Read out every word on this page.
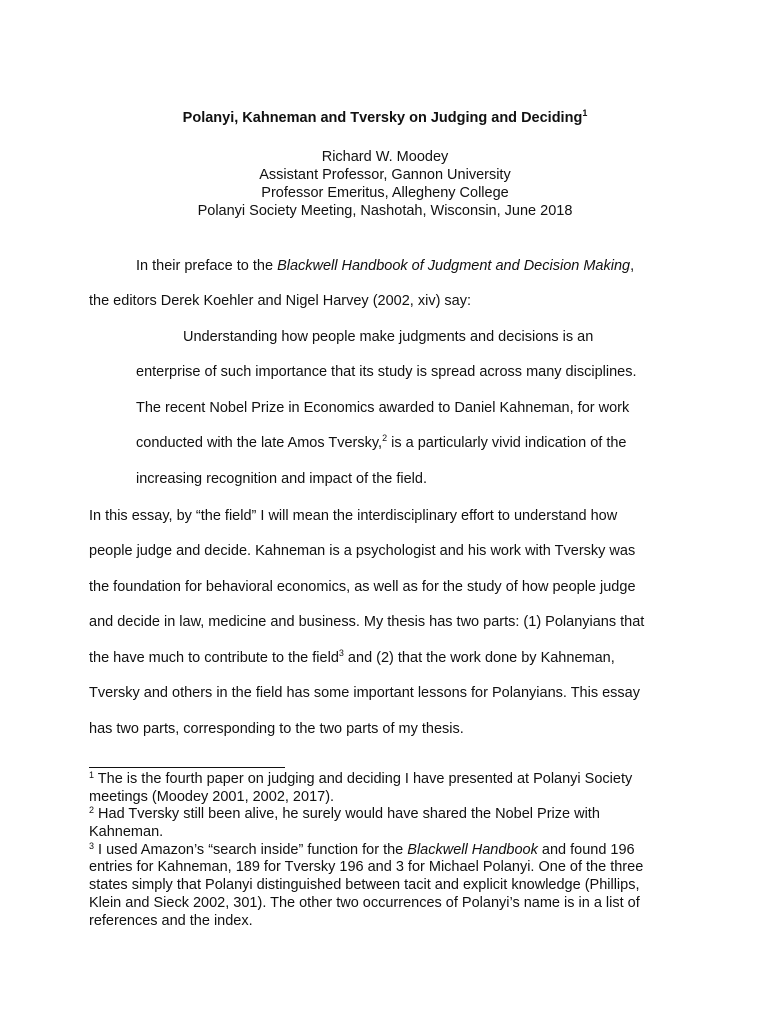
Polanyi, Kahneman and Tversky on Judging and Deciding$^1$
Richard W. Moodey
Assistant Professor, Gannon University
Professor Emeritus, Allegheny College
Polanyi Society Meeting, Nashotah, Wisconsin, June 2018
In their preface to the Blackwell Handbook of Judgment and Decision Making,
the editors Derek Koehler and Nigel Harvey (2002, xiv) say:
Understanding how people make judgments and decisions is an
enterprise of such importance that its study is spread across many disciplines.
The recent Nobel Prize in Economics awarded to Daniel Kahneman, for work
conducted with the late Amos Tversky,$^2$ is a particularly vivid indication of the
increasing recognition and impact of the field.
In this essay, by “the field” I will mean the interdisciplinary effort to understand how
people judge and decide. Kahneman is a psychologist and his work with Tversky was
the foundation for behavioral economics, as well as for the study of how people judge
and decide in law, medicine and business. My thesis has two parts: (1) Polanyians that
the have much to contribute to the field$^3$ and (2) that the work done by Kahneman,
Tversky and others in the field has some important lessons for Polanyians. This essay
has two parts, corresponding to the two parts of my thesis.
$^1$ The is the fourth paper on judging and deciding I have presented at Polanyi Society
meetings (Moodey 2001, 2002, 2017).
$^2$ Had Tversky still been alive, he surely would have shared the Nobel Prize with
Kahneman.
$^3$ I used Amazon’s “search inside” function for the Blackwell Handbook and found 196
entries for Kahneman, 189 for Tversky 196 and 3 for Michael Polanyi. One of the three
states simply that Polanyi distinguished between tacit and explicit knowledge (Phillips,
Klein and Sieck 2002, 301). The other two occurrences of Polanyi’s name is in a list of
references and the index.
